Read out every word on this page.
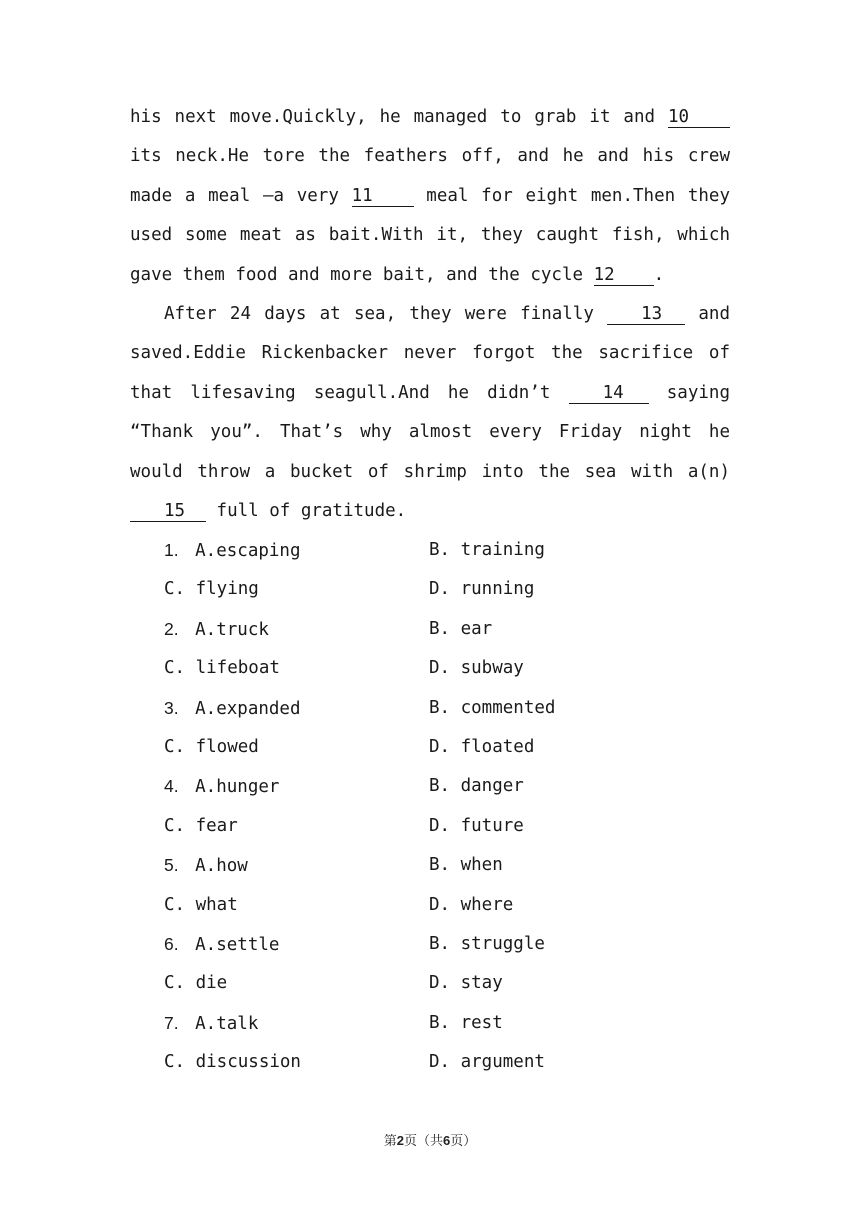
his next move.Quickly, he managed to grab it and 10 its neck.He tore the feathers off, and he and his crew made a meal —a very 11 meal for eight men.Then they used some meat as bait.With it, they caught fish, which gave them food and more bait, and the cycle 12 .
After 24 days at sea, they were finally 13 and saved.Eddie Rickenbacker never forgot the sacrifice of that lifesaving seagull.And he didn’t 14 saying “Thank you”. That’s why almost every Friday night he would throw a bucket of shrimp into the sea with a(n) 15 full of gratitude.
1. A.escaping	B. training
C. flying	D. running
2. A.truck	B. ear
C. lifeboat	D. subway
3. A.expanded	B. commented
C. flowed	D. floated
4. A.hunger	B. danger
C. fear	D. future
5. A.how	B. when
C. what	D. where
6. A.settle	B. struggle
C. die	D. stay
7. A.talk	B. rest
C. discussion	D. argument
第2页（共6页）
